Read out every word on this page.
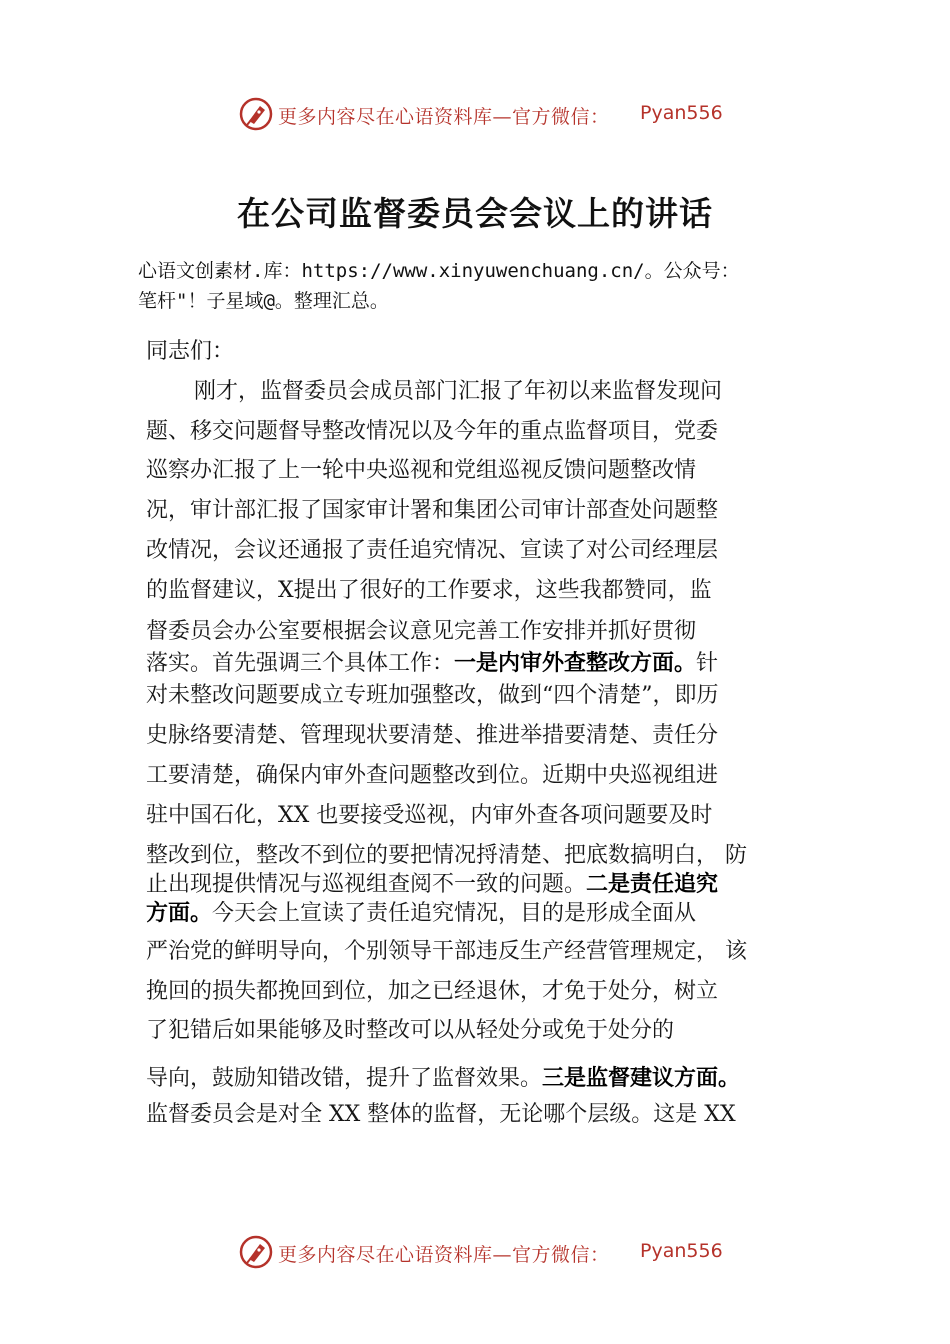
更多内容尽在心语资料库—官方微信： Pyan556
在公司监督委员会会议上的讲话
心语文创素材.库：https://www.xinyuwenchuang.cn/。公众号：
笔杆"！子星域@。整理汇总。
同志们：
刚才，监督委员会成员部门汇报了年初以来监督发现问
题、移交问题督导整改情况以及今年的重点监督项目，党委
巡察办汇报了上一轮中央巡视和党组巡视反馈问题整改情
况，审计部汇报了国家审计署和集团公司审计部查处问题整
改情况，会议还通报了责任追究情况、宣读了对公司经理层
的监督建议，X提出了很好的工作要求，这些我都赞同，监
督委员会办公室要根据会议意见完善工作安排并抓好贯彻
落实。首先强调三个具体工作：一是内审外查整改方面。针
对未整改问题要成立专班加强整改，做到“四个清楚”，即历
史脉络要清楚、管理现状要清楚、推进举措要清楚、责任分
工要清楚，确保内审外查问题整改到位。近期中央巡视组进
驻中国石化，XX 也要接受巡视，内审外查各项问题要及时
整改到位，整改不到位的要把情况捋清楚、把底数搞明白， 防
止出现提供情况与巡视组查阅不一致的问题。二是责任追究
方面。今天会上宣读了责任追究情况，目的是形成全面从
严治党的鲜明导向，个别领导干部违反生产经营管理规定， 该
挽回的损失都挽回到位，加之已经退休，才免于处分，树立
了犯错后如果能够及时整改可以从轻处分或免于处分的
导向，鼓励知错改错，提升了监督效果。三是监督建议方面。
监督委员会是对全 XX 整体的监督，无论哪个层级。这是 XX
更多内容尽在心语资料库—官方微信： Pyan556
